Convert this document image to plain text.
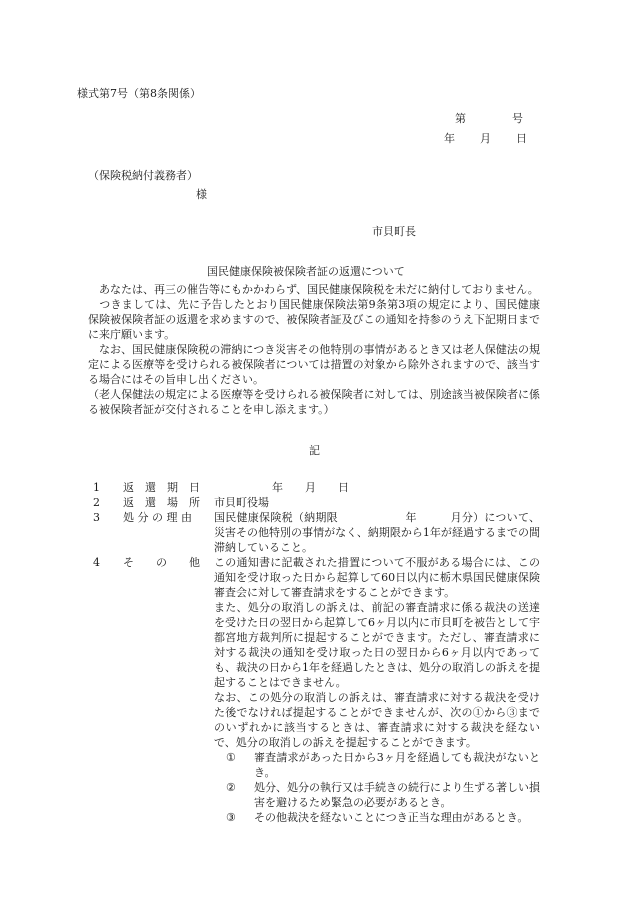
様式第7号（第8条関係）
第	号
年 月 日
（保険税納付義務者）
様
市貝町長
国民健康保険被保険者証の返還について

　あなたは、再三の催告等にもかかわらず、国民健康保険税を未だに納付しておりません。

　つきましては、先に予告したとおり国民健康保険法第9条第3項の規定により、国民健康保険被保険者証の返還を求めますので、被保険者証及びこの通知を持参のうえ下記期日までに来庁願います。

　なお、国民健康保険税の滞納につき災害その他特別の事情があるとき又は老人保健法の規定による医療等を受けられる被保険者については措置の対象から除外されますので、該当する場合にはその旨申し出ください。

（老人保健法の規定による医療等を受けられる被保険者に対しては、別途該当被保険者に係る被保険者証が交付されることを申し添えます。）

記
1 返　還　期　日	年　　月　　日
2 返　還　場　所 市貝町役場
3 処 分 の 理 由	国民健康保険税（納期限　　　　　　年　　　月分）について、災害その他特別の事情がなく、納期限から1年が経過するまでの間滞納していること。
4 そ　　の　　他 この通知書に記載された措置について不服がある場合には、この通知を受け取った日から起算して60日以内に栃木県国民健康保険審査会に対して審査請求をすることができます。

また、処分の取消しの訴えは、前記の審査請求に係る裁決の送達を受けた日の翌日から起算して6ヶ月以内に市貝町を被告として宇都宮地方裁判所に提起することができます。ただし、審査請求に対する裁決の通知を受け取った日の翌日から6ヶ月以内であっても、裁決の日から1年を経過したときは、処分の取消しの訴えを提起することはできません。

なお、この処分の取消しの訴えは、審査請求に対する裁決を受けた後でなければ提起することができませんが、次の①から③までのいずれかに該当するときは、審査請求に対する裁決を経ないで、処分の取消しの訴えを提起することができます。

① 審査請求があった日から3ヶ月を経過しても裁決がないとき。
② 処分、処分の執行又は手続きの続行により生ずる著しい損害を避けるため緊急の必要があるとき。
③ その他裁決を経ないことにつき正当な理由があるとき。
